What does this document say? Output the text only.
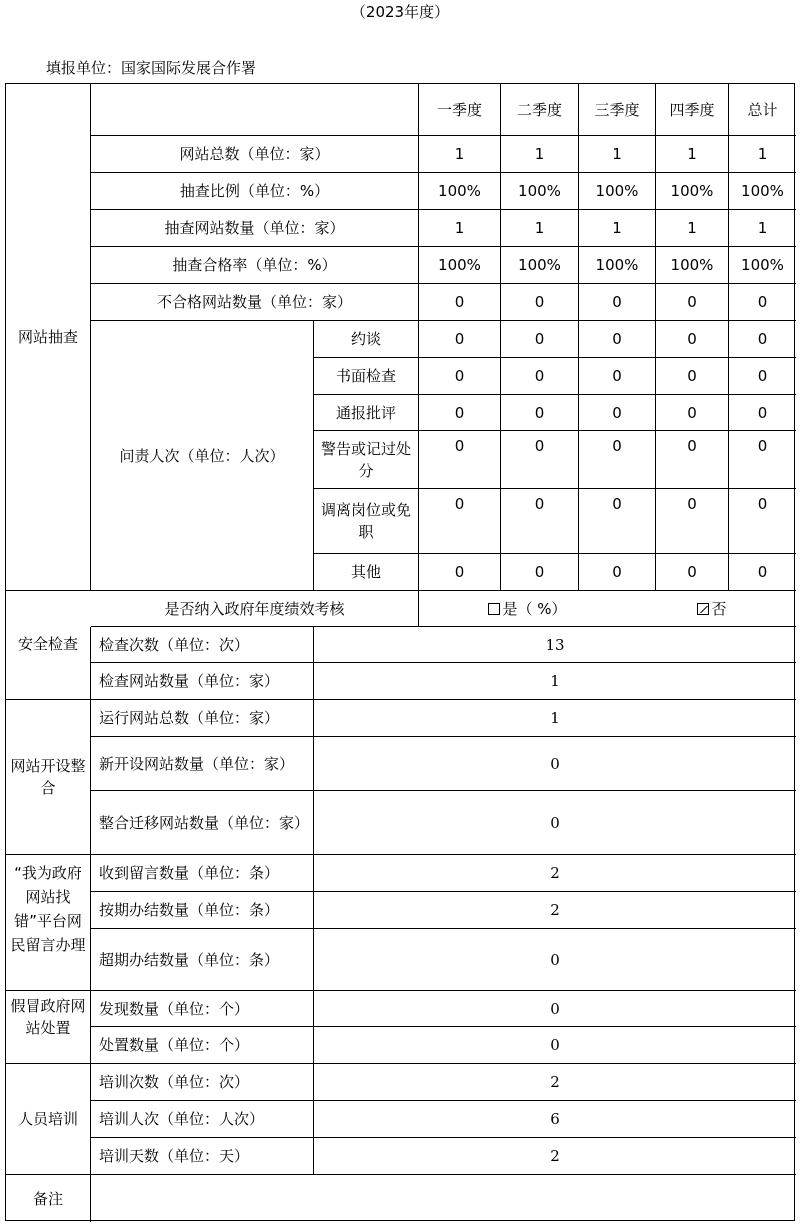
（2023年度）
填报单位：国家国际发展合作署
网站抽查
一季度	二季度	三季度	四季度	总计
网站总数（单位：家）	1	1	1	1	1
抽查比例（单位：%）	100%	100%	100%	100%	100%
抽查网站数量（单位：家）	1	1	1	1	1
抽查合格率（单位：%）	100%	100%	100%	100%	100%
不合格网站数量（单位：家）	0	0	0	0	0
问责人次（单位：人次）
约谈	0	0	0	0	0
书面检查	0	0	0	0	0
通报批评	0	0	0	0	0
警告或记过处分
0	0	0	0	0
调离岗位或免职
0	0	0	0	0
其他	0	0	0	0	0
是否纳入政府年度绩效考核	是（ %）	否
安全检查	检查次数（单位：次）	13
检查网站数量（单位：家）	1
网站开设整合
运行网站总数（单位：家）	1
新开设网站数量（单位：家）	0
整合迁移网站数量（单位：家）	0
“我为政府网站找错”平台网民留言办理
收到留言数量（单位：条）	2
按期办结数量（单位：条）	2
超期办结数量（单位：条）	0
假冒政府网站处置
发现数量（单位：个）	0
处置数量（单位：个）	0
人员培训
培训次数（单位：次）	2
培训人次（单位：人次）	6
培训天数（单位：天）	2
备注
